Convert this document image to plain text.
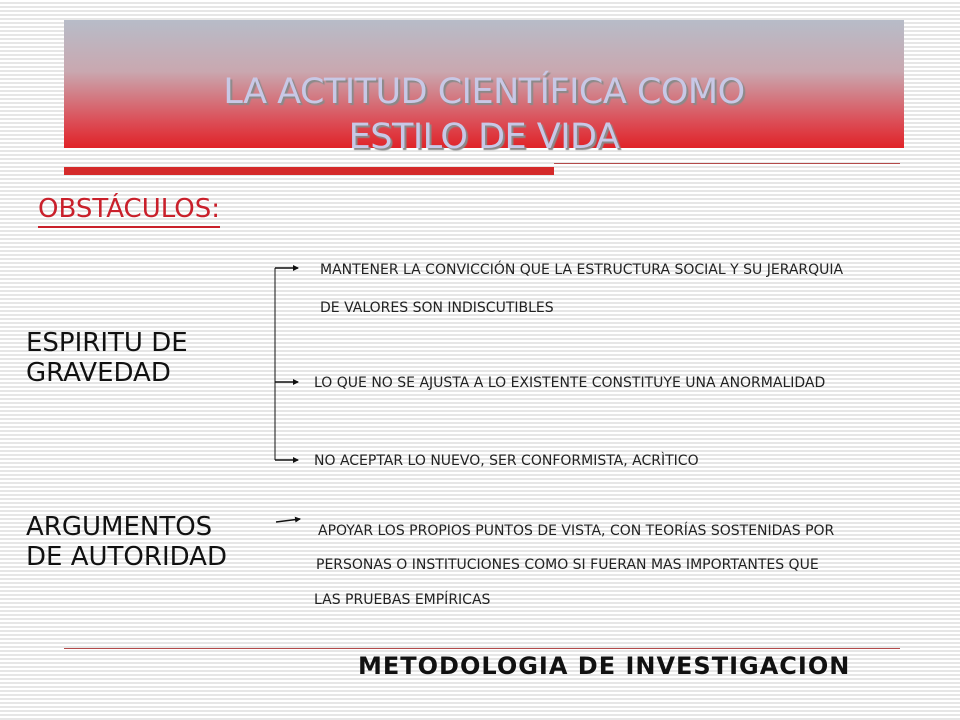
LA ACTITUD CIENTÍFICA COMO
ESTILO DE VIDA
OBSTÁCULOS:
ESPIRITU DE
GRAVEDAD
ARGUMENTOS
DE AUTORIDAD
MANTENER LA CONVICCIÓN QUE LA ESTRUCTURA SOCIAL Y SU JERARQUIA
DE VALORES SON INDISCUTIBLES
LO QUE NO SE AJUSTA A LO EXISTENTE CONSTITUYE UNA ANORMALIDAD
NO ACEPTAR LO NUEVO, SER CONFORMISTA, ACRÌTICO
APOYAR LOS PROPIOS PUNTOS DE VISTA, CON TEORÍAS SOSTENIDAS POR
PERSONAS O INSTITUCIONES COMO SI FUERAN MAS IMPORTANTES QUE
LAS PRUEBAS EMPÍRICAS
METODOLOGIA DE INVESTIGACION
